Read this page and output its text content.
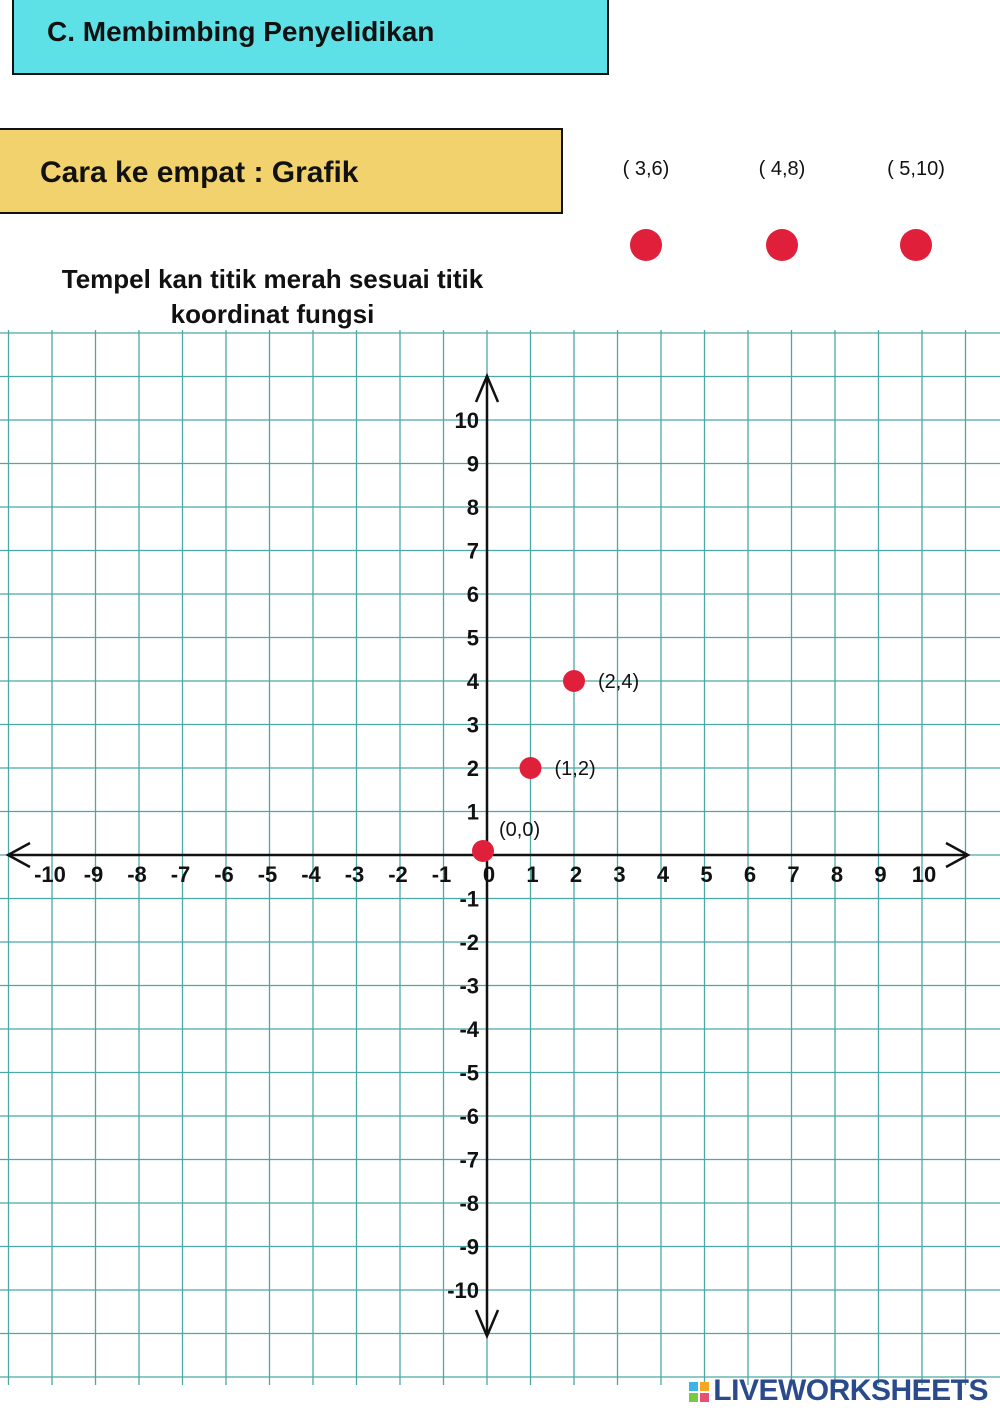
C. Membimbing Penyelidikan
Cara ke empat : Grafik
Tempel kan titik merah sesuai titik koordinat fungsi
( 3,6)	( 4,8)	( 5,10)
-10 -9 -8 -7 -6 -5 -4 -3 -2 -1 0 1 2 3 4 5 6 7 8 9 10
-10
-9
-8
-7
-6
-5
-4
-3
-2
-1
1
2
3
4
5
6
7
8
9
10
(0,0)
(1,2)
(2,4)
LIVEWORKSHEETS
